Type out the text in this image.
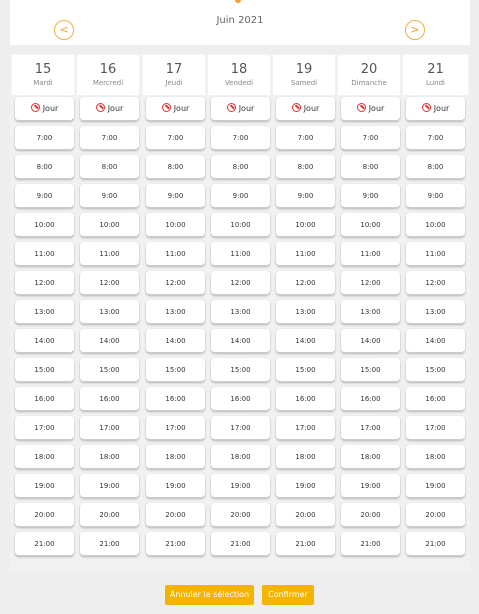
Juin 2021
<	>
15
Mardi
Jour
7:00
8:00
9:00
10:00
11:00
12:00
13:00
14:00
15:00
16:00
17:00
18:00
19:00
20:00
21:00
16
Mercredi
Jour
7:00
8:00
9:00
10:00
11:00
12:00
13:00
14:00
15:00
16:00
17:00
18:00
19:00
20:00
21:00
17
Jeudi
Jour
7:00
8:00
9:00
10:00
11:00
12:00
13:00
14:00
15:00
16:00
17:00
18:00
19:00
20:00
21:00
18
Vendedi
Jour
7:00
8:00
9:00
10:00
11:00
12:00
13:00
14:00
15:00
16:00
17:00
18:00
19:00
20:00
21:00
19
Samedi
Jour
7:00
8:00
9:00
10:00
11:00
12:00
13:00
14:00
15:00
16:00
17:00
18:00
19:00
20:00
21:00
20
Dimanche
Jour
7:00
8:00
9:00
10:00
11:00
12:00
13:00
14:00
15:00
16:00
17:00
18:00
19:00
20:00
21:00
21
Lundi
Jour
7:00
8:00
9:00
10:00
11:00
12:00
13:00
14:00
15:00
16:00
17:00
18:00
19:00
20:00
21:00
Annuler la sélection	Confirmer
